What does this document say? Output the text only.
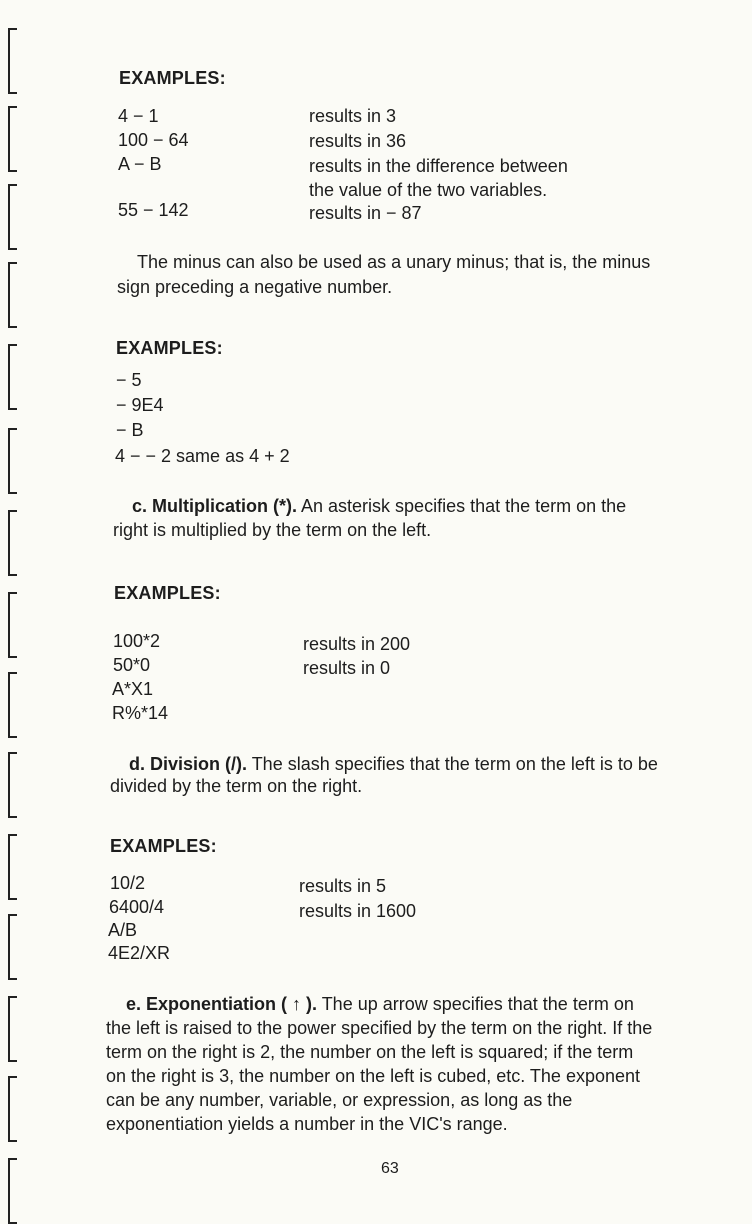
EXAMPLES:
4 − 1	results in 3
100 − 64	results in 36
A − B	results in the difference between
the value of the two variables.
55 − 142	results in − 87
The minus can also be used as a unary minus; that is, the minus
sign preceding a negative number.
EXAMPLES:
− 5
− 9E4
− B
4 − − 2 same as 4 + 2
c. Multiplication (*). An asterisk specifies that the term on the
right is multiplied by the term on the left.
EXAMPLES:
100*2	results in 200
50*0	results in 0
A*X1
R%*14
d. Division (/). The slash specifies that the term on the left is to be
divided by the term on the right.
EXAMPLES:
10/2	results in 5
6400/4	results in 1600
A/B
4E2/XR
e. Exponentiation ( ↑ ). The up arrow specifies that the term on
the left is raised to the power specified by the term on the right. If the
term on the right is 2, the number on the left is squared; if the term
on the right is 3, the number on the left is cubed, etc. The exponent
can be any number, variable, or expression, as long as the
exponentiation yields a number in the VIC's range.
63
